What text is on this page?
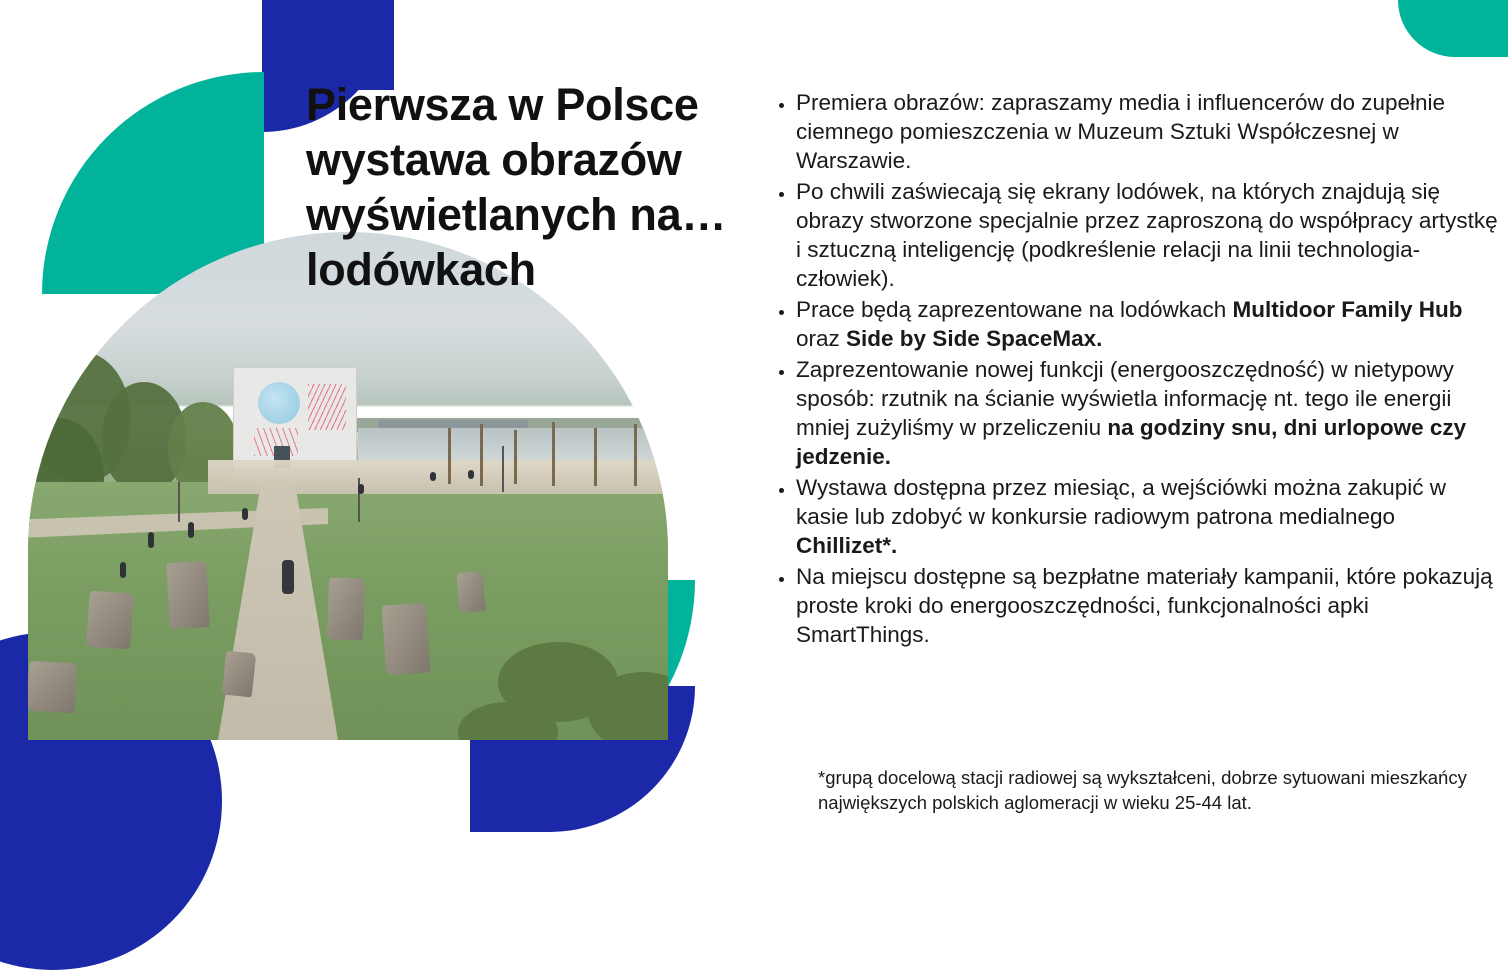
Pierwsza w Polsce wystawa obrazów wyświetlanych na… lodówkach
• Premiera obrazów: zapraszamy media i influencerów do zupełnie ciemnego pomieszczenia w Muzeum Sztuki Współczesnej w Warszawie.
• Po chwili zaświecają się ekrany lodówek, na których znajdują się obrazy stworzone specjalnie przez zaproszoną do współpracy artystkę i sztuczną inteligencję (podkreślenie relacji na linii technologia-człowiek).
• Prace będą zaprezentowane na lodówkach Multidoor Family Hub oraz Side by Side SpaceMax.
• Zaprezentowanie nowej funkcji (energooszczędność) w nietypowy sposób: rzutnik na ścianie wyświetla informację nt. tego ile energii mniej zużyliśmy w przeliczeniu na godziny snu, dni urlopowe czy jedzenie.
• Wystawa dostępna przez miesiąc, a wejściówki można zakupić w kasie lub zdobyć w konkursie radiowym patrona medialnego Chillizet*.
• Na miejscu dostępne są bezpłatne materiały kampanii, które pokazują proste kroki do energooszczędności, funkcjonalności apki SmartThings.
*grupą docelową stacji radiowej są wykształceni, dobrze sytuowani mieszkańcy największych polskich aglomeracji w wieku 25-44 lat.
